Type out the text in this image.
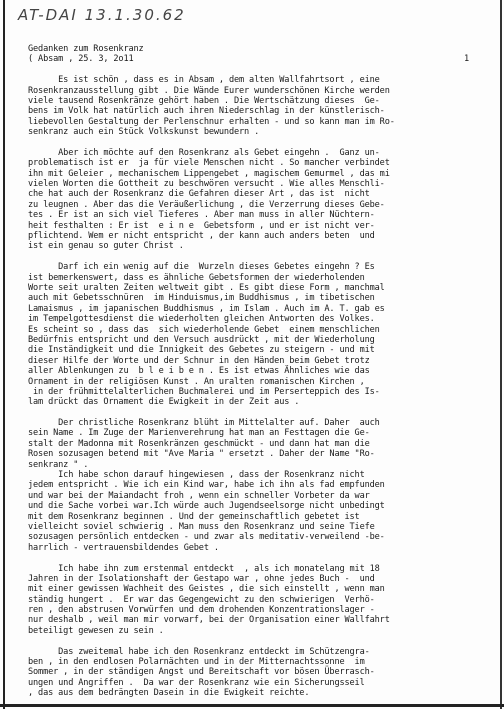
AT-DAI 13.1.30.62
1
Gedanken zum Rosenkranz
( Absam , 25. 3, 2o11
Es ist schön , dass es in Absam , dem alten Wallfahrtsort , eine
Rosenkranzausstellung gibt . Die Wände Eurer wunderschönen Kirche werden
viele tausend Rosenkränze gehört haben . Die Wertschätzung dieses  Ge-
bens im Volk hat natürlich auch ihren Niederschlag in der künstlerisch-
liebevollen Gestaltung der Perlenschnur erhalten - und so kann man im Ro-
senkranz auch ein Stück Volkskunst bewundern .
Aber ich möchte auf den Rosenkranz als Gebet eingehn .  Ganz un-
problematisch ist er  ja für viele Menschen nicht . So mancher verbindet
ihn mit Geleier , mechanischem Lippengebet , magischem Gemurmel , das mi
vielen Worten die Gottheit zu beschwören versucht . Wie alles Menschli-
che hat auch der Rosenkranz die Gefahren dieser Art , das ist  nicht
zu leugnen . Aber das die Veräußerlichung , die Verzerrung dieses Gebe-
tes . Er ist an sich viel Tieferes . Aber man muss in aller Nüchtern-
heit festhalten : Er ist  e i n e  Gebetsform , und er ist nicht ver-
pflichtend. Wem er nicht entspricht , der kann auch anders beten  und
ist ein genau so guter Christ .
Darf ich ein wenig auf die  Wurzeln dieses Gebetes eingehn ? Es
ist bemerkenswert, dass es ähnliche Gebetsformen der wiederholenden
Worte seit uralten Zeiten weltweit gibt . Es gibt diese Form , manchmal
auch mit Gebetsschnüren  im Hinduismus,im Buddhismus , im tibetischen
Lamaismus , im japanischen Buddhismus , im Islam . Auch im A. T. gab es
im Tempelgottesdienst die wiederholten gleichen Antworten des Volkes.
Es scheint so , dass das  sich wiederholende Gebet  einem menschlichen
Bedürfnis entspricht und den Versuch ausdrückt , mit der Wiederholung
die Inständigkeit und die Innigkeit des Gebetes zu steigern - und mit
dieser Hilfe der Worte und der Schnur in den Händen beim Gebet trotz
aller Ablenkungen zu  b l e i b e n . Es ist etwas Ähnliches wie das
Ornament in der religiösen Kunst . An uralten romanischen Kirchen ,
in der frühmittelalterlichen Buchmalerei und im Perserteppich des Is-
lam drückt das Ornament die Ewigkeit in der Zeit aus .
Der christliche Rosenkranz blüht im Mittelalter auf. Daher  auch
sein Name . Im Zuge der Marienverehrung hat man an Festtagen die Ge-
stalt der Madonna mit Rosenkränzen geschmückt - und dann hat man die
Rosen sozusagen betend mit "Ave Maria " ersetzt . Daher der Name "Ro-
senkranz " .
Ich habe schon darauf hingewiesen , dass der Rosenkranz nicht
jedem entspricht . Wie ich ein Kind war, habe ich ihn als fad empfunden
und war bei der Maiandacht froh , wenn ein schneller Vorbeter da war
und die Sache vorbei war.Ich würde auch Jugendseelsorge nicht unbedingt
mit dem Rosenkranz beginnen . Und der gemeinschaftlich gebetet ist
vielleicht soviel schwierig . Man muss den Rosenkranz und seine Tiefe
sozusagen persönlich entdecken - und zwar als meditativ-verweilend -be-
harrlich - vertrauensbildendes Gebet .
Ich habe ihn zum erstenmal entdeckt  , als ich monatelang mit 18
Jahren in der Isolationshaft der Gestapo war , ohne jedes Buch -  und
mit einer gewissen Wachheit des Geistes , die sich einstellt , wenn man
ständig hungert .  Er war das Gegengewicht zu den schwierigen  Verhö-
ren , den abstrusen Vorwürfen und dem drohenden Konzentrationslager -
nur deshalb , weil man mir vorwarf, bei der Organisation einer Wallfahrt
beteiligt gewesen zu sein .
Das zweitemal habe ich den Rosenkranz entdeckt im Schützengra-
ben , in den endlosen Polarnächten und in der Mitternachtssonne  im
Sommer , in der ständigen Angst und Bereitschaft vor bösen Überrasch-
ungen und Angriffen .  Da war der Rosenkranz wie ein Sicherungsseil
, das aus dem bedrängten Dasein in die Ewigkeit reichte.
